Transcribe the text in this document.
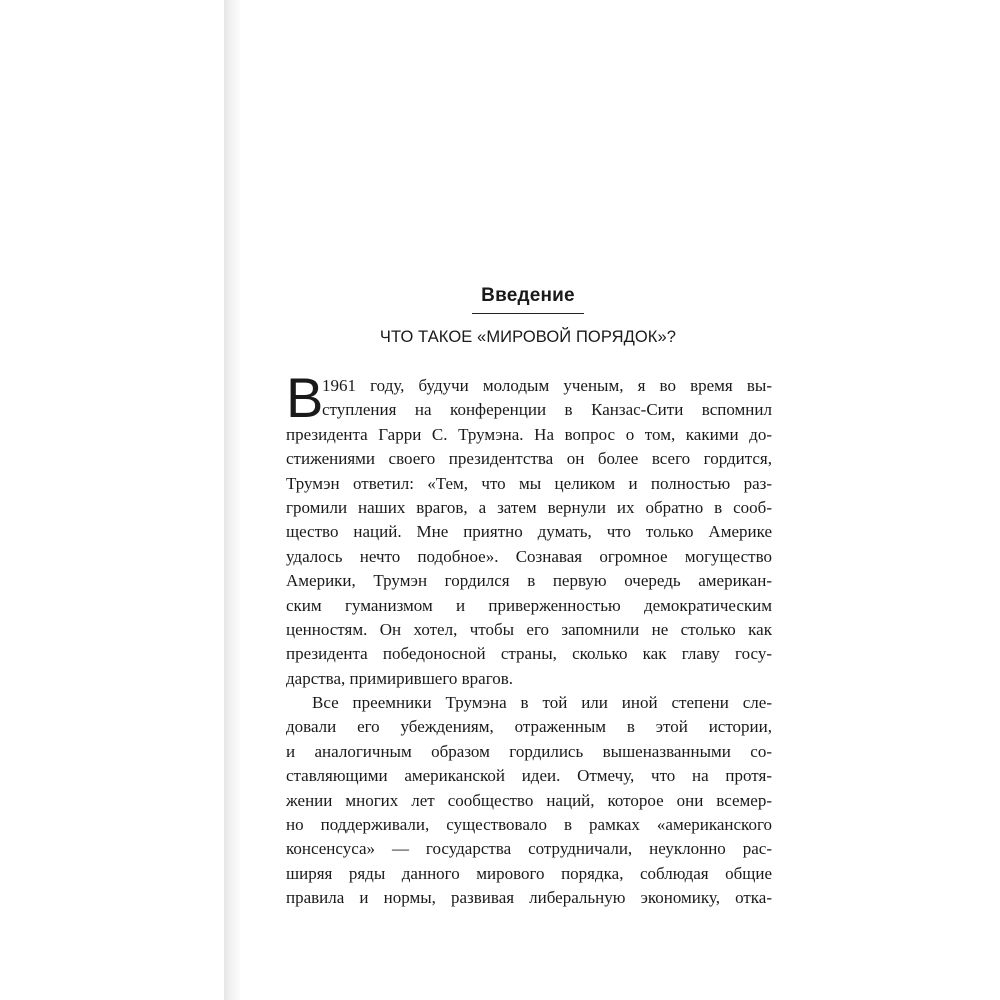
Введение
ЧТО ТАКОЕ «МИРОВОЙ ПОРЯДОК»?
В
1961 году, будучи молодым ученым, я во время вы-
ступления на конференции в Канзас-Сити вспомнил
президента Гарри С. Трумэна. На вопрос о том, какими до-
стижениями своего президентства он более всего гордится,
Трумэн ответил: «Тем, что мы целиком и полностью раз-
громили наших врагов, а затем вернули их обратно в сооб-
щество наций. Мне приятно думать, что только Америке
удалось нечто подобное». Сознавая огромное могущество
Америки, Трумэн гордился в первую очередь американ-
ским гуманизмом и приверженностью демократическим
ценностям. Он хотел, чтобы его запомнили не столько как
президента победоносной страны, сколько как главу госу-
дарства, примирившего врагов.
Все преемники Трумэна в той или иной степени сле-
довали его убеждениям, отраженным в этой истории,
и аналогичным образом гордились вышеназванными со-
ставляющими американской идеи. Отмечу, что на протя-
жении многих лет сообщество наций, которое они всемер-
но поддерживали, существовало в рамках «американского
консенсуса» — государства сотрудничали, неуклонно рас-
ширяя ряды данного мирового порядка, соблюдая общие
правила и нормы, развивая либеральную экономику, отка-
